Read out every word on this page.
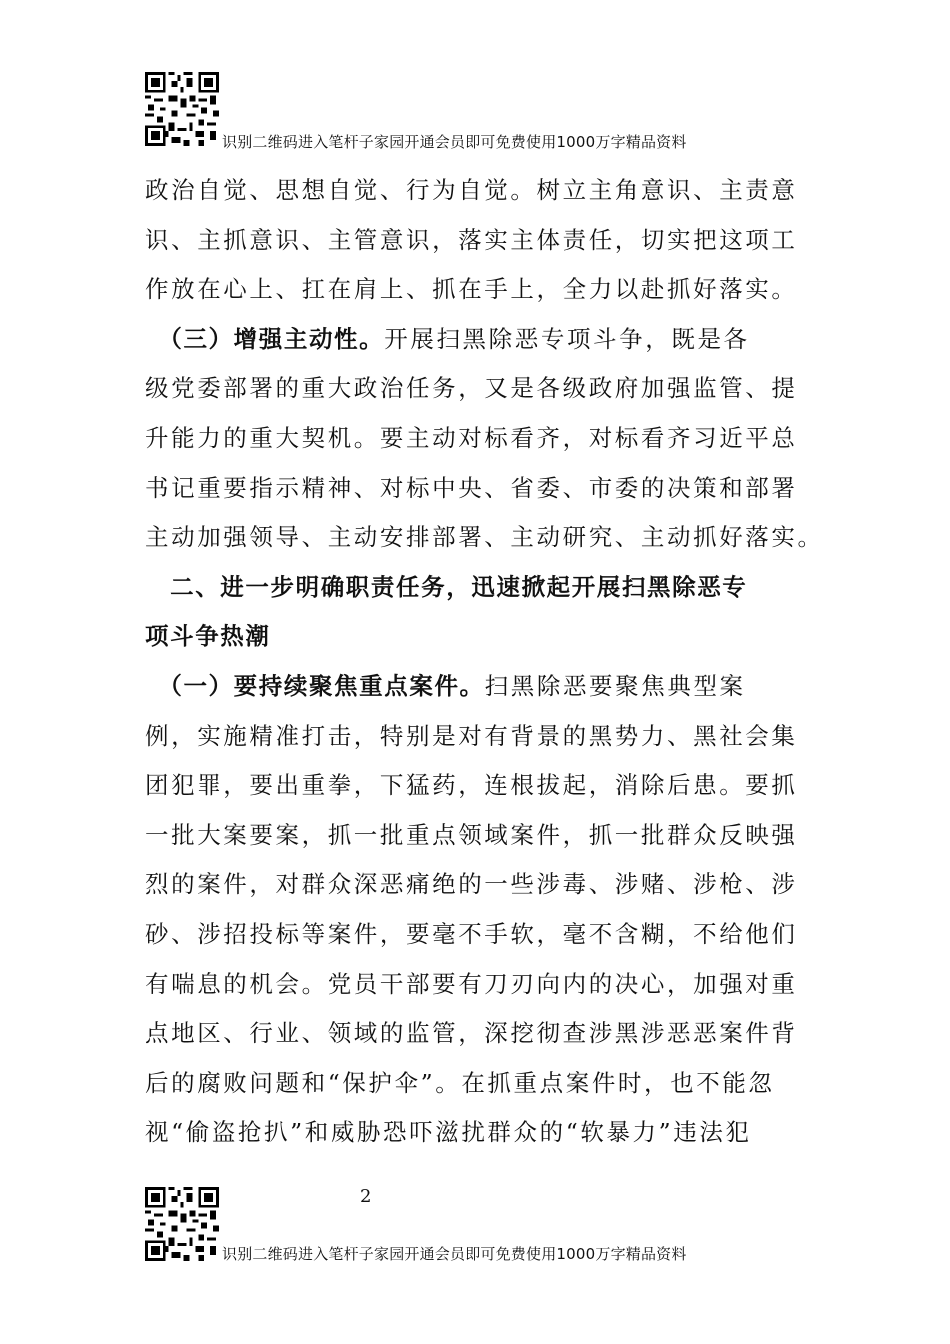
识别二维码进入笔杆子家园开通会员即可免费使用1000万字精品资料
政治自觉、思想自觉、行为自觉。树立主角意识、主责意
识、主抓意识、主管意识，落实主体责任，切实把这项工
作放在心上、扛在肩上、抓在手上，全力以赴抓好落实。
　（三）增强主动性。开展扫黑除恶专项斗争，既是各
级党委部署的重大政治任务，又是各级政府加强监管、提
升能力的重大契机。要主动对标看齐，对标看齐习近平总
书记重要指示精神、对标中央、省委、市委的决策和部署
主动加强领导、主动安排部署、主动研究、主动抓好落实。
　二、进一步明确职责任务，迅速掀起开展扫黑除恶专
项斗争热潮
　（一）要持续聚焦重点案件。扫黑除恶要聚焦典型案
例，实施精准打击，特别是对有背景的黑势力、黑社会集
团犯罪，要出重拳，下猛药，连根拔起，消除后患。要抓
一批大案要案，抓一批重点领域案件，抓一批群众反映强
烈的案件，对群众深恶痛绝的一些涉毒、涉赌、涉枪、涉
砂、涉招投标等案件，要毫不手软，毫不含糊，不给他们
有喘息的机会。党员干部要有刀刃向内的决心，加强对重
点地区、行业、领域的监管，深挖彻查涉黑涉恶恶案件背
后的腐败问题和“保护伞”。在抓重点案件时，也不能忽
视“偷盗抢扒”和威胁恐吓滋扰群众的“软暴力”违法犯
2
识别二维码进入笔杆子家园开通会员即可免费使用1000万字精品资料
